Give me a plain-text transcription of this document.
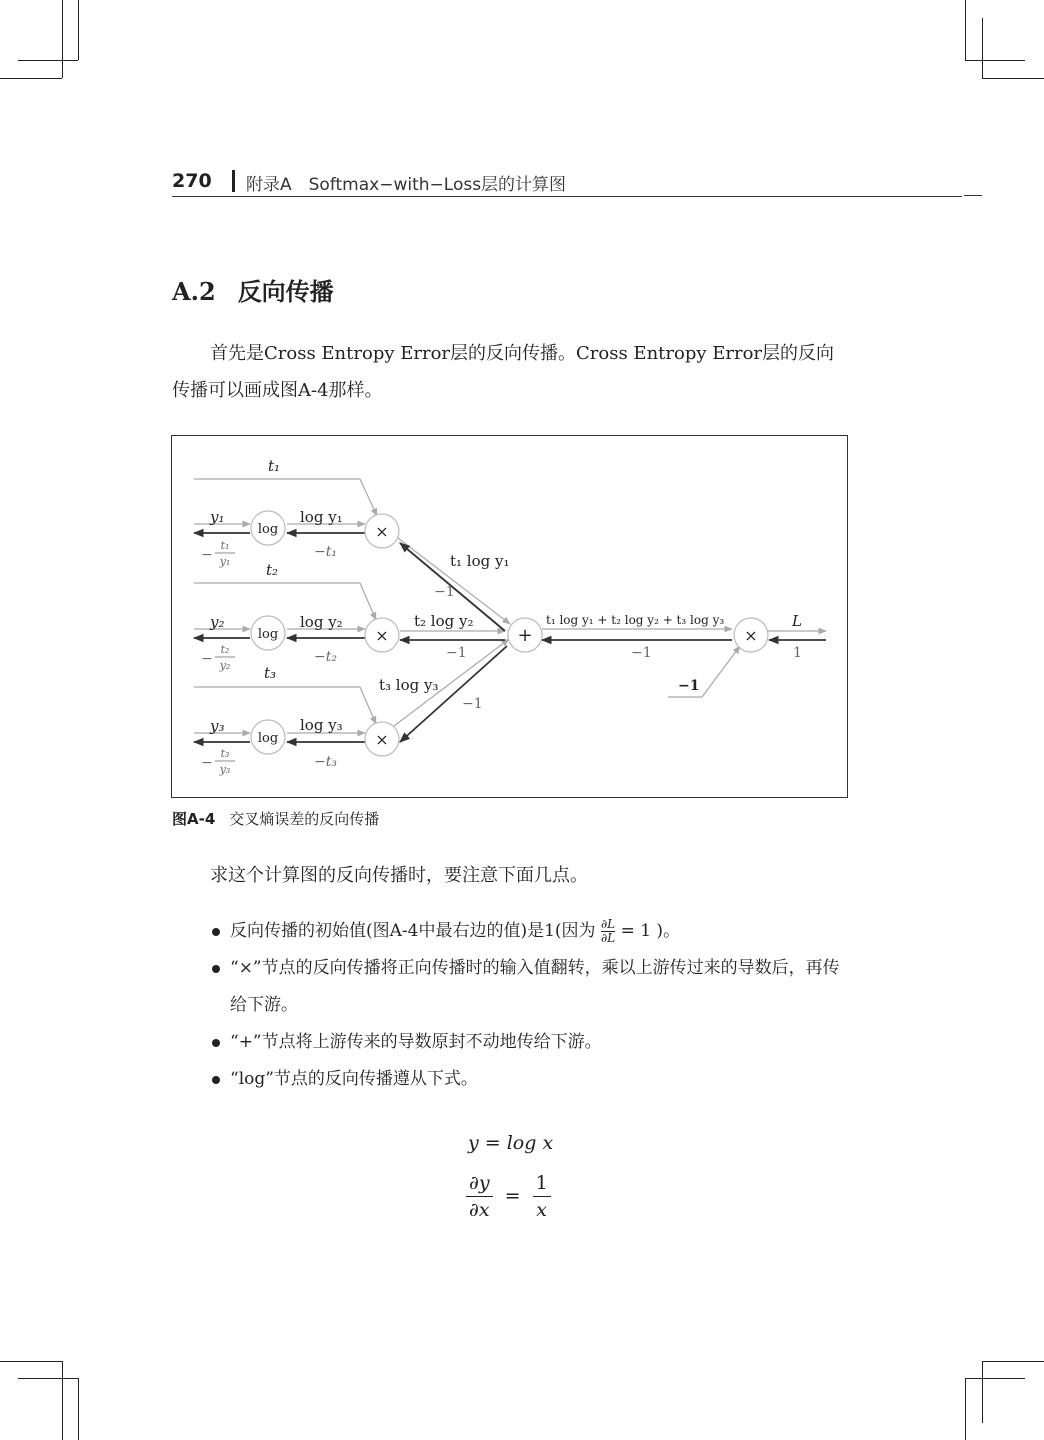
270 附录A　Softmax−with−Loss层的计算图
A.2 反向传播

首先是Cross Entropy Error层的反向传播。Cross Entropy Error层的反向传播可以画成图A-4那样。

log
log
log
×
×
×
+	×
t₁
t₂
t₃
y₁
y₂
y₃
L
log y₁
log y₂
log y₃
t₁ log y₁
t₂ log y₂
t₃ log y₃
t₁ log y₁ + t₂ log y₂ + t₃ log y₃
−1
−t₁
−t₂
−t₃
−1
−1
−1
−1	1
−
t₁
y₁
−
t₂
y₂
−
t₃
y₃
图A-4 交叉熵误差的反向传播

求这个计算图的反向传播时，要注意下面几点。

反向传播的初始值(图A-4中最右边的值)是1(因为 $\frac{\partial L}{\partial L} = 1$ )。
“×”节点的反向传播将正向传播时的输入值翻转，乘以上游传过来的导数后，再传给下游。
“+”节点将上游传来的导数原封不动地传给下游。
“log”节点的反向传播遵从下式。
y = log x
$\frac{\partial y}{\partial x} = \frac{1}{x}$
